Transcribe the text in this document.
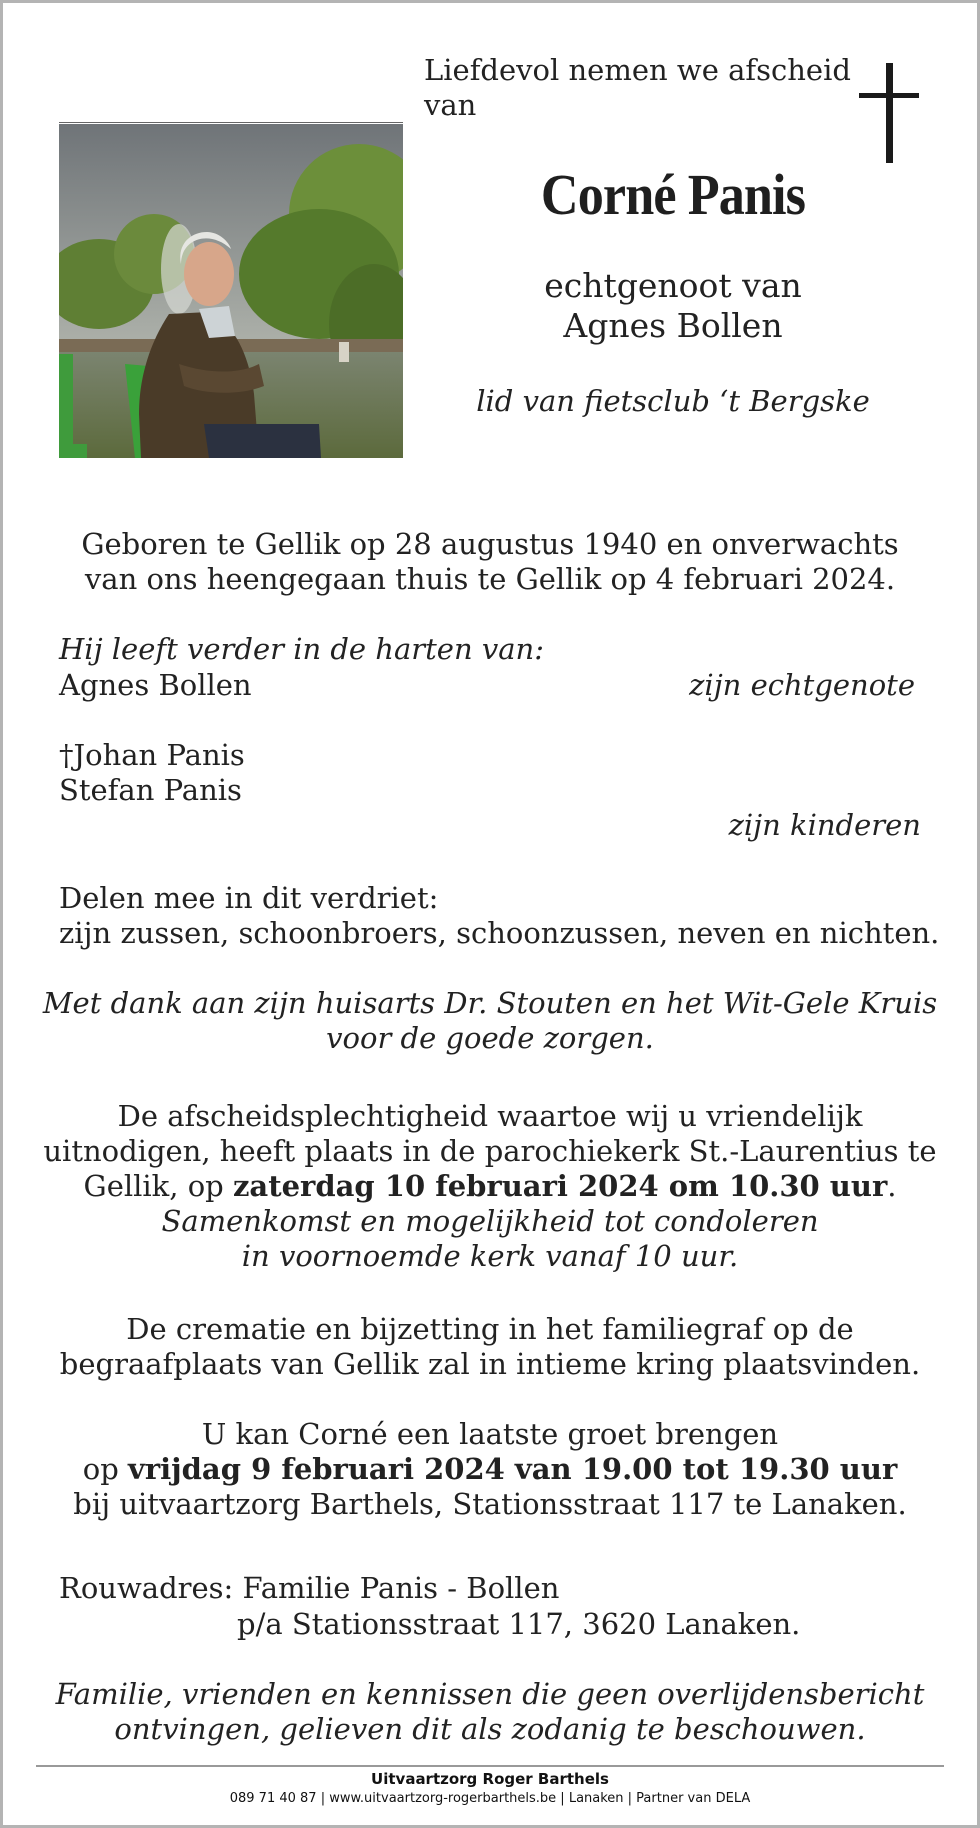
Liefdevol nemen we afscheid
van
Corné Panis
echtgenoot van
Agnes Bollen
lid van fietsclub ‘t Bergske
Geboren te Gellik op 28 augustus 1940 en onverwachts
van ons heengegaan thuis te Gellik op 4 februari 2024.
Hij leeft verder in de harten van:
Agnes Bollen	zijn echtgenote
†Johan Panis
Stefan Panis
zijn kinderen
Delen mee in dit verdriet:
zijn zussen, schoonbroers, schoonzussen, neven en nichten.
Met dank aan zijn huisarts Dr. Stouten en het Wit-Gele Kruis
voor de goede zorgen.
De afscheidsplechtigheid waartoe wij u vriendelijk
uitnodigen, heeft plaats in de parochiekerk St.-Laurentius te
Gellik, op zaterdag 10 februari 2024 om 10.30 uur.
Samenkomst en mogelijkheid tot condoleren
in voornoemde kerk vanaf 10 uur.
De crematie en bijzetting in het familiegraf op de
begraafplaats van Gellik zal in intieme kring plaatsvinden.
U kan Corné een laatste groet brengen
op vrijdag 9 februari 2024 van 19.00 tot 19.30 uur
bij uitvaartzorg Barthels, Stationsstraat 117 te Lanaken.
Rouwadres: Familie Panis - Bollen
p/a Stationsstraat 117, 3620 Lanaken.
Familie, vrienden en kennissen die geen overlijdensbericht
ontvingen, gelieven dit als zodanig te beschouwen.
Uitvaartzorg Roger Barthels
089 71 40 87 | www.uitvaartzorg-rogerbarthels.be | Lanaken | Partner van DELA
